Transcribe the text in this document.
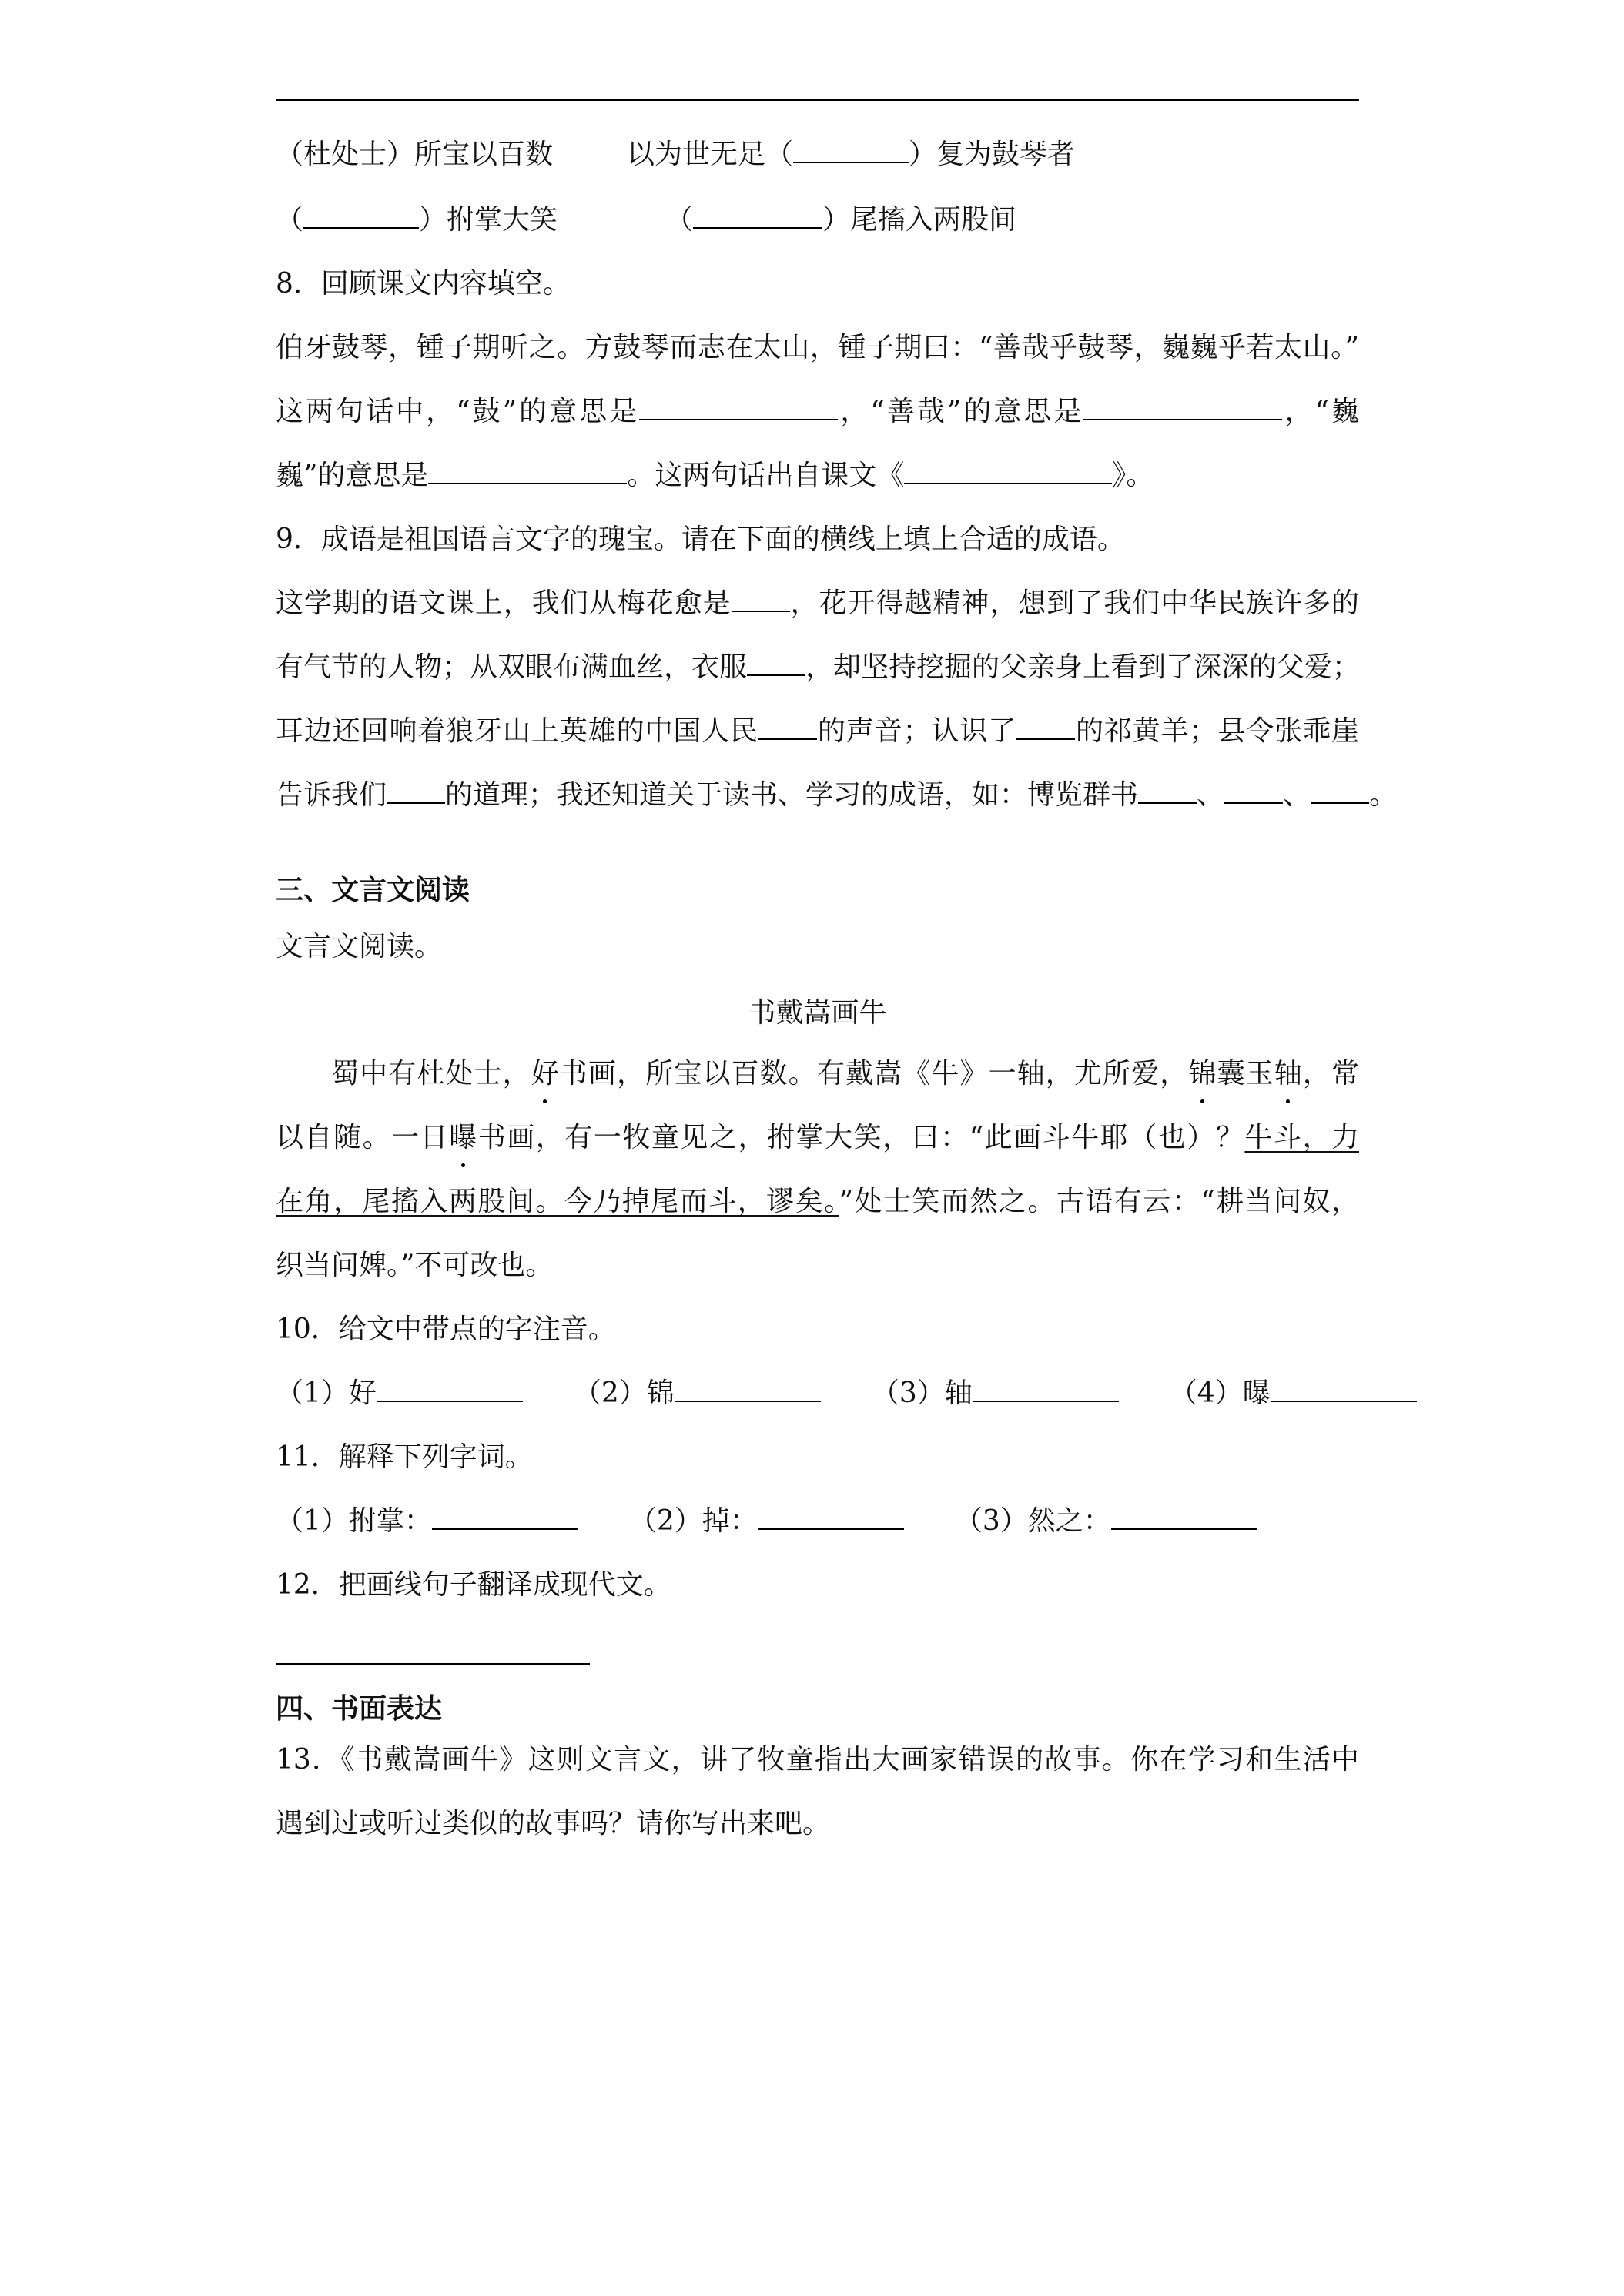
（杜处士）所宝以百数	以为世无足（	）复为鼓琴者
（	）拊掌大笑	（	）尾搐入两股间
8．回顾课文内容填空。
伯牙鼓琴，锺子期听之。方鼓琴而志在太山，锺子期曰：“善哉乎鼓琴，巍巍乎若太山。”
这两句话中，“鼓”的意思是	，“善哉”的意思是	，“巍
巍”的意思是	。这两句话出自课文《	》。
9．成语是祖国语言文字的瑰宝。请在下面的横线上填上合适的成语。
这学期的语文课上，我们从梅花愈是 ，花开得越精神，想到了我们中华民族许多的
有气节的人物；从双眼布满血丝，衣服 ，却坚持挖掘的父亲身上看到了深深的父爱；
耳边还回响着狼牙山上英雄的中国人民 的声音；认识了 的祁黄羊；县令张乖崖
告诉我们 的道理；我还知道关于读书、学习的成语，如：博览群书 、 、 。
三、文言文阅读
文言文阅读。
书戴嵩画牛
蜀中有杜处士，好书画，所宝以百数。有戴嵩《牛》一轴，尤所爱，锦囊玉轴，常
以自随。一日曝书画，有一牧童见之，拊掌大笑，曰：“此画斗牛耶（也）？牛斗，力
在角，尾搐入两股间。今乃掉尾而斗，谬矣。”处士笑而然之。古语有云：“耕当问奴，
织当问婢。”不可改也。
10．给文中带点的字注音。
（1）好	（2）锦	（3）轴	（4）曝
11．解释下列字词。
（1）拊掌：	（2）掉：	（3）然之：
12．把画线句子翻译成现代文。
四、书面表达
13．《书戴嵩画牛》这则文言文，讲了牧童指出大画家错误的故事。你在学习和生活中
遇到过或听过类似的故事吗？请你写出来吧。
